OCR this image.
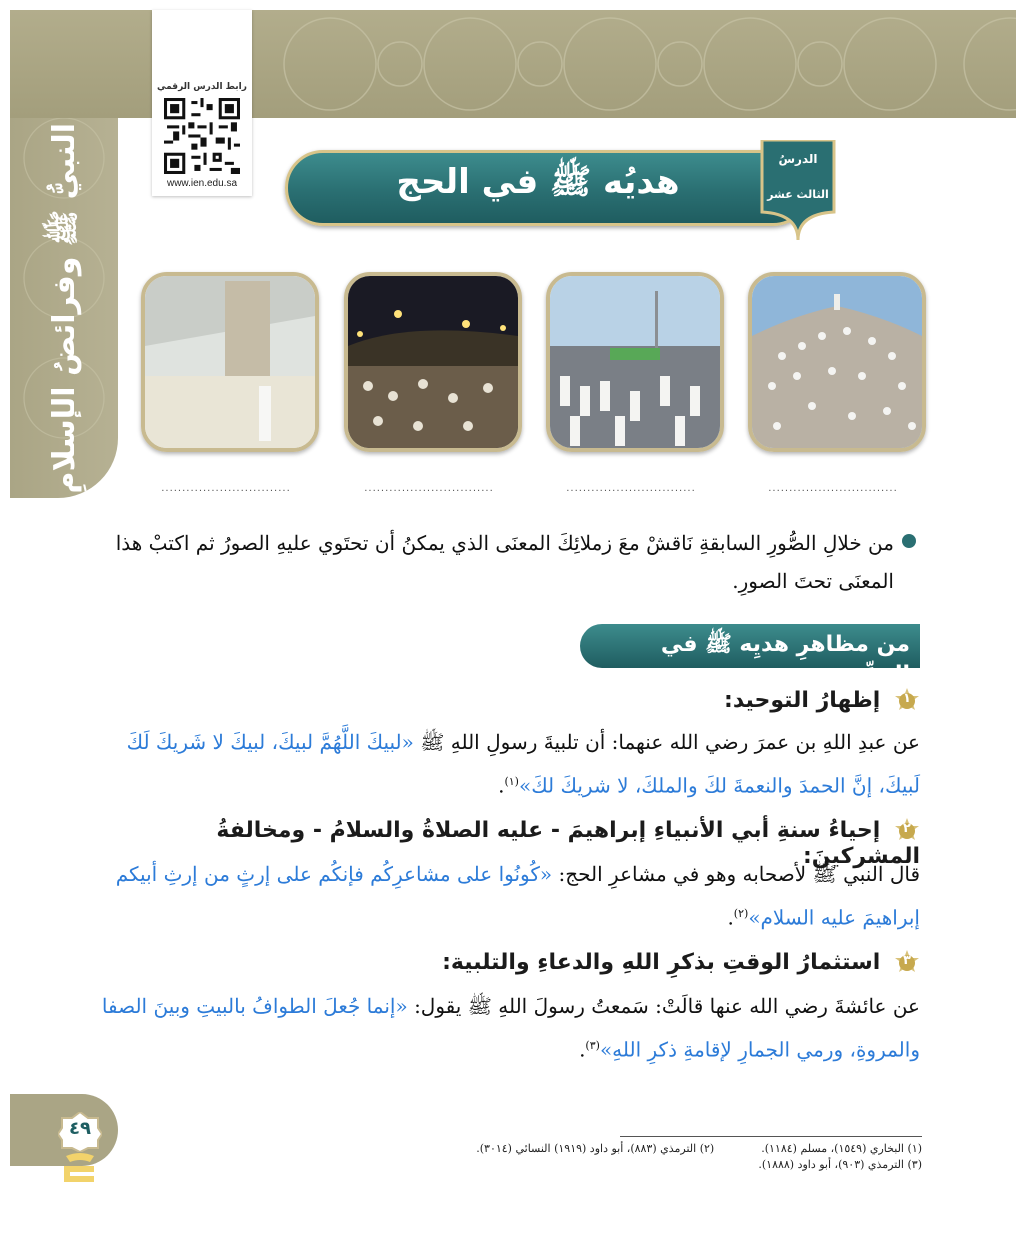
النبيُّ ﷺ وفرائضُ الإسلامِ
رابط الدرس الرقمي
www.ien.edu.sa	هديُه ﷺ في الحج
الدرسُ
الثالث عشر
...............................
...............................
...............................
...............................
من خلالِ الصُّورِ السابقةِ نَاقشْ معَ زملائِكَ المعنَى الذي يمكنُ أن تحتَوي عليهِ الصورُ ثم اكتبْ هذا المعنَى تحتَ الصورِ.
من مظاهرِ هديِه ﷺ في الحجِّ:
١
إظهارُ التوحيد:
عن عبدِ اللهِ بن عمرَ رضي الله عنهما: أن تلبيةَ رسولِ اللهِ ﷺ «لبيكَ اللَّهُمَّ لبيكَ، لبيكَ لا شَريكَ لَكَ لَبيكَ، إنَّ الحمدَ والنعمةَ لكَ والملكَ، لا شريكَ لكَ»$^{(١)}$.
٢
إحياءُ سنةِ أبي الأنبياءِ إبراهيمَ - عليه الصلاةُ والسلامُ - ومخالفةُ المشركينَ:
قال النبي ﷺ لأصحابه وهو في مشاعرِ الحج: «كُونُوا على مشاعرِكُم فإنكُم على إرثٍ من إرثِ أبيكم إبراهيمَ عليه السلام»$^{(٢)}$.
٣
استثمارُ الوقتِ بذكرِ اللهِ والدعاءِ والتلبية:
عن عائشةَ رضي الله عنها قالَتْ: سَمعتُ رسولَ اللهِ ﷺ يقول: «إنما جُعلَ الطوافُ بالبيتِ وبينَ الصفا والمروةِ، ورمي الجمارِ لإقامةِ ذكرِ اللهِ»$^{(٣)}$.
٤٩
(١) البخاري (١٥٤٩)، مسلم (١١٨٤).  (٢) الترمذي (٨٨٣)، أبو داود (١٩١٩) النسائي (٣٠١٤).
(٣) الترمذي (٩٠٣)، أبو داود (١٨٨٨).
